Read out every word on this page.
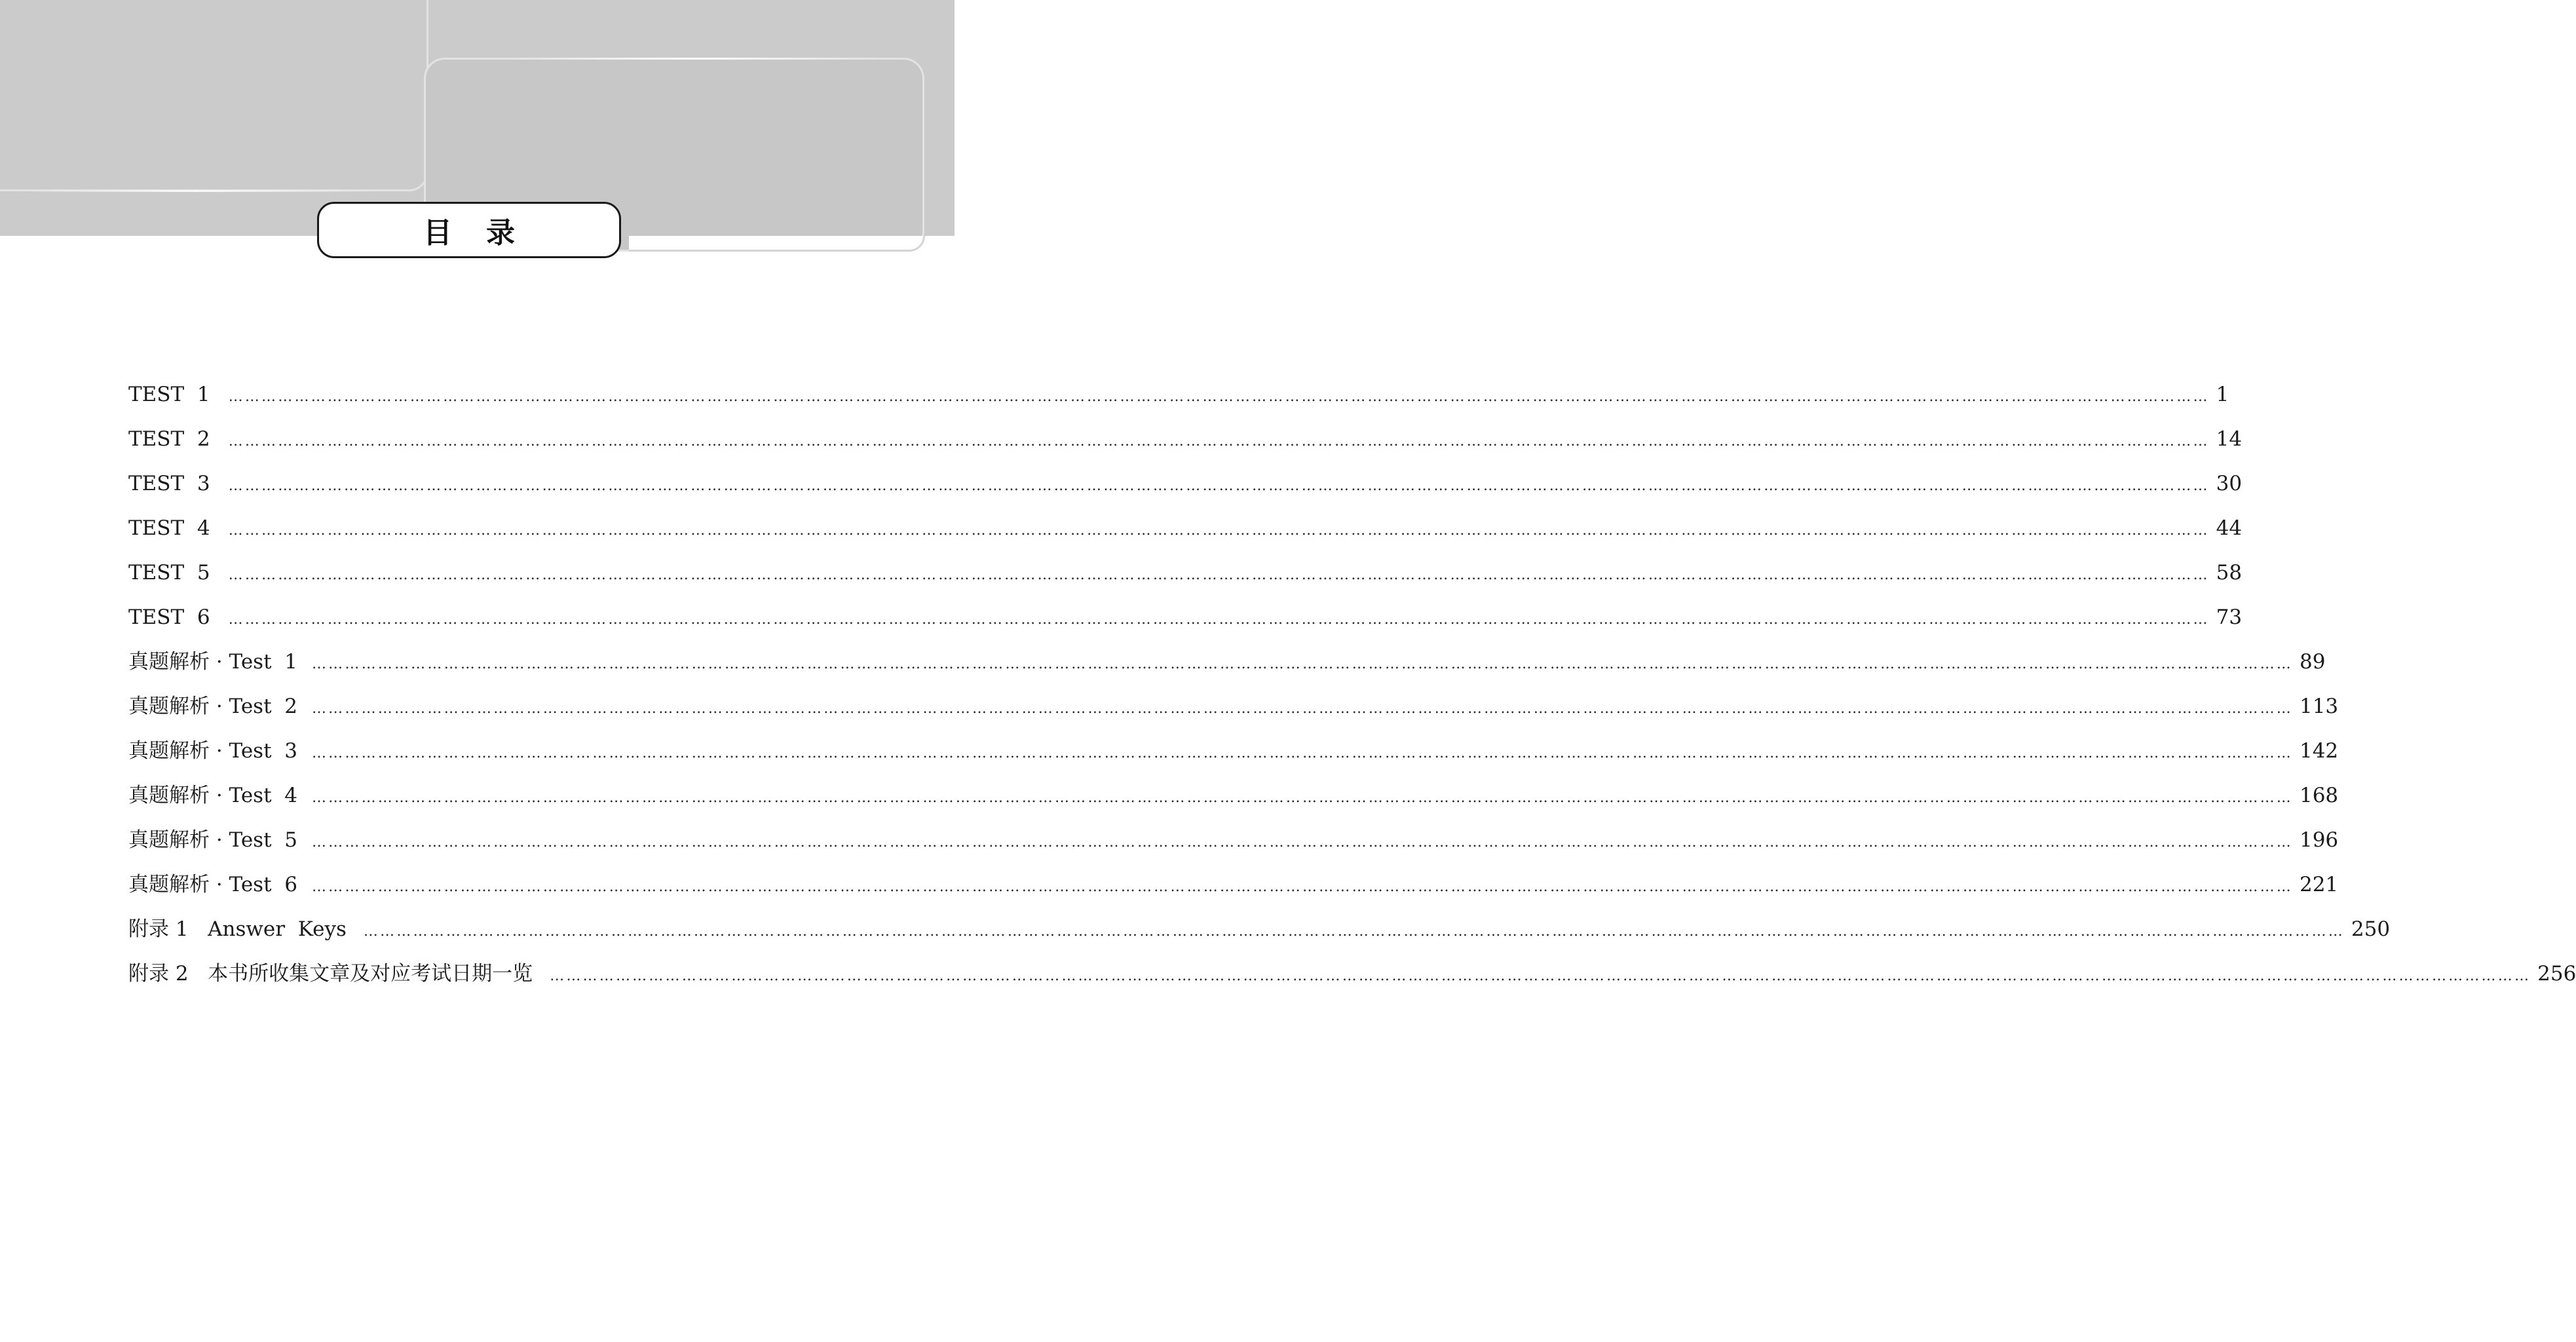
目 录
TEST  1 ……………………………………………………………………………………………………………………………………………………………………………………………………………………………………………………………………………………………………………………………… 1
TEST  2 ……………………………………………………………………………………………………………………………………………………………………………………………………………………………………………………………………………………………………………………………… 14
TEST  3 ……………………………………………………………………………………………………………………………………………………………………………………………………………………………………………………………………………………………………………………………… 30
TEST  4 ……………………………………………………………………………………………………………………………………………………………………………………………………………………………………………………………………………………………………………………………… 44
TEST  5 ……………………………………………………………………………………………………………………………………………………………………………………………………………………………………………………………………………………………………………………………… 58
TEST  6 ……………………………………………………………………………………………………………………………………………………………………………………………………………………………………………………………………………………………………………………………… 73
真题解析 · Test  1 ……………………………………………………………………………………………………………………………………………………………………………………………………………………………………………………………………………………………………………………………… 89
真题解析 · Test  2 ……………………………………………………………………………………………………………………………………………………………………………………………………………………………………………………………………………………………………………………………… 113
真题解析 · Test  3 ……………………………………………………………………………………………………………………………………………………………………………………………………………………………………………………………………………………………………………………………… 142
真题解析 · Test  4 ……………………………………………………………………………………………………………………………………………………………………………………………………………………………………………………………………………………………………………………………… 168
真题解析 · Test  5 ……………………………………………………………………………………………………………………………………………………………………………………………………………………………………………………………………………………………………………………………… 196
真题解析 · Test  6 ……………………………………………………………………………………………………………………………………………………………………………………………………………………………………………………………………………………………………………………………… 221
附录 1   Answer  Keys ……………………………………………………………………………………………………………………………………………………………………………………………………………………………………………………………………………………………………………………………… 250
附录 2   本书所收集文章及对应考试日期一览 ……………………………………………………………………………………………………………………………………………………………………………………………………………………………………………………………………………………………………………………………… 256
